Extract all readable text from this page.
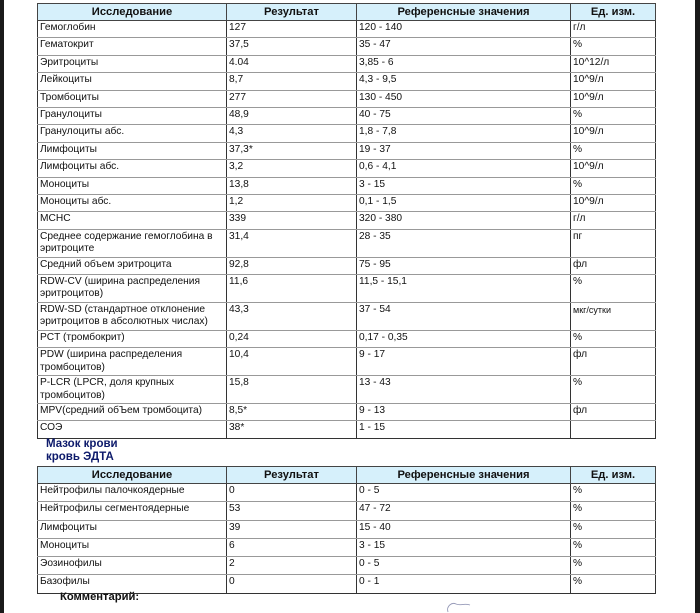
Исследование	Результат	Референсные значения	Ед. изм.
Гемоглобин	127	120 - 140	г/л
Гематокрит	37,5	35 - 47	%
Эритроциты	4.04	3,85 - 6	10^12/л
Лейкоциты	8,7	4,3 - 9,5	10^9/л
Тромбоциты	277	130 - 450	10^9/л
Гранулоциты	48,9	40 - 75	%
Гранулоциты абс.	4,3	1,8 - 7,8	10^9/л
Лимфоциты	37,3*	19 - 37	%
Лимфоциты абс.	3,2	0,6 - 4,1	10^9/л
Моноциты	13,8	3 - 15	%
Моноциты абс.	1,2	0,1 - 1,5	10^9/л
MCHC	339	320 - 380	г/л
Среднее содержание гемоглобина в эритроците	31,4	28 - 35	пг
Средний объем эритроцита	92,8	75 - 95	фл
RDW-CV (ширина распределения эритроцитов)	11,6	11,5 - 15,1	%
RDW-SD (стандартное отклонение эритроцитов в абсолютных числах)	43,3	37 - 54	мкг/сутки
PCT (тромбокрит)	0,24	0,17 - 0,35	%
PDW (ширина распределения тромбоцитов)	10,4	9 - 17	фл
P-LCR (LPCR, доля крупных тромбоцитов)	15,8	13 - 43	%
MPV(средний обЪем тромбоцита)	8,5*	9 - 13	фл
СОЭ	38*	1 - 15	
Мазок крови
кровь ЭДТА
Исследование	Результат	Референсные значения	Ед. изм.
Нейтрофилы палочкоядерные	0	0 - 5	%
Нейтрофилы сегментоядерные	53	47 - 72	%
Лимфоциты	39	15 - 40	%
Моноциты	6	3 - 15	%
Эозинофилы	2	0 - 5	%
Базофилы	0	0 - 1	%
Комментарий:
